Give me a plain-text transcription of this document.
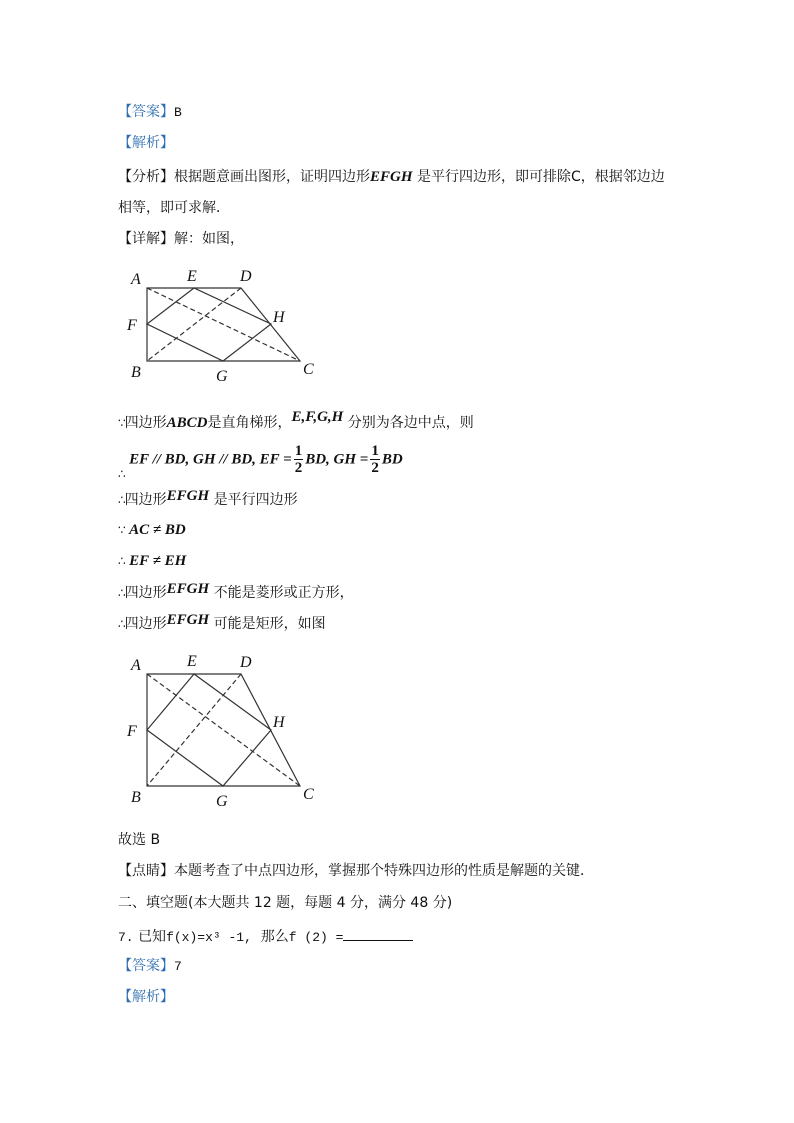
【答案】B
【解析】
【分析】根据题意画出图形，证明四边形EFGH 是平行四边形，即可排除C，根据邻边边
相等，即可求解．
【详解】解：如图，
A	E	D
F	H
B	G	C
∵四边形ABCD是直角梯形，E,F,G,H 分别为各边中点，则
∴ EF // BD, GH // BD, EF = $\frac{1}{2}$ BD, GH = $\frac{1}{2}$ BD
∴四边形EFGH 是平行四边形
∵ AC ≠ BD
∴ EF ≠ EH
∴四边形EFGH 不能是菱形或正方形，
∴四边形EFGH 可能是矩形，如图
A	E	D
F
H
B	G	C
故选 B
【点睛】本题考查了中点四边形，掌握那个特殊四边形的性质是解题的关键．
二、填空题(本大题共 12 题，每题 4 分，满分 48 分)
7. 已知f(x)=x³ -1, 那么f (2) =
【答案】7
【解析】
